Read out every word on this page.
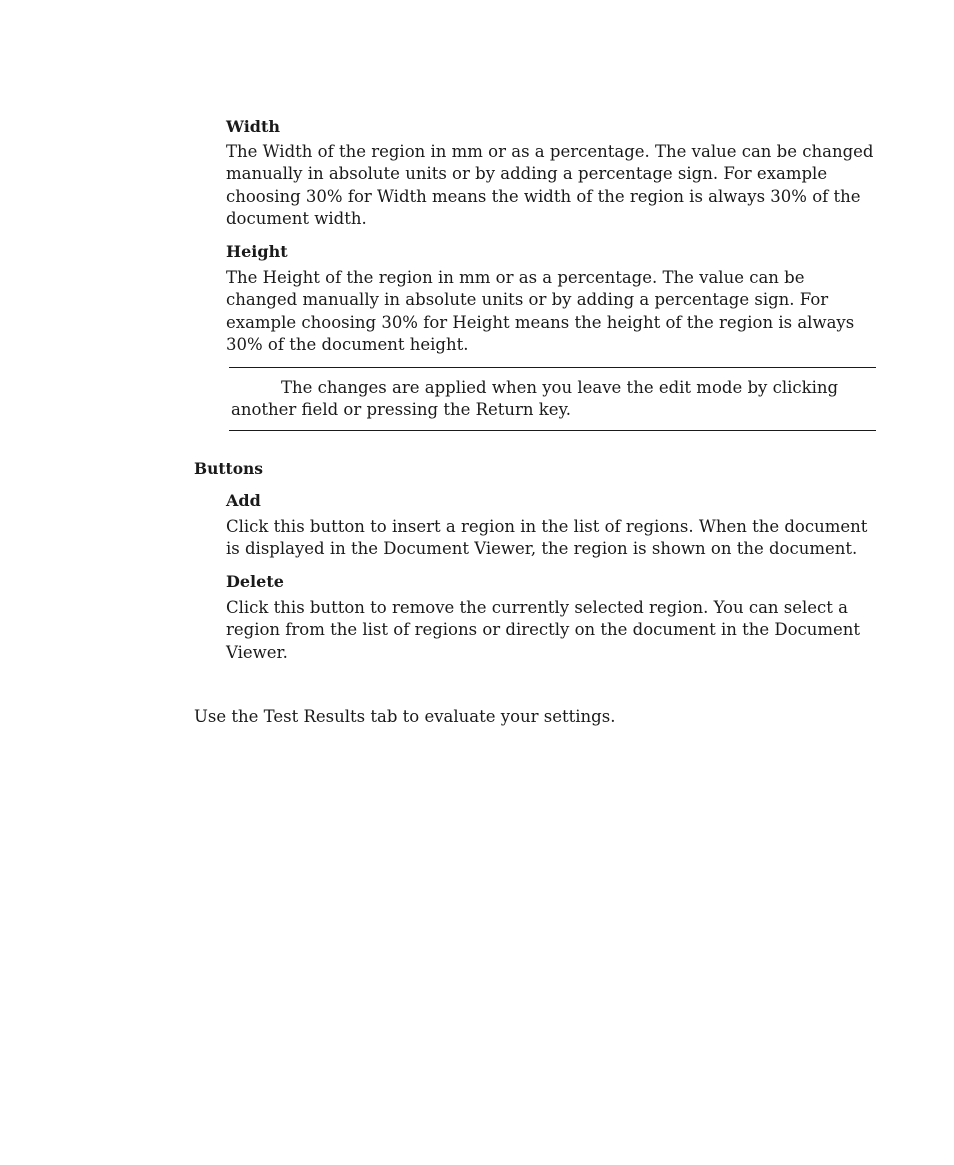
Width

The Width of the region in mm or as a percentage. The value can be changed manually in absolute units or by adding a percentage sign. For example choosing 30% for Width means the width of the region is always 30% of the document width.

Height

The Height of the region in mm or as a percentage. The value can be changed manually in absolute units or by adding a percentage sign. For example choosing 30% for Height means the height of the region is always 30% of the document height.

The changes are applied when you leave the edit mode by clicking another field or pressing the Return key.

Buttons

Add

Click this button to insert a region in the list of regions. When the document is displayed in the Document Viewer, the region is shown on the document.

Delete

Click this button to remove the currently selected region. You can select a region from the list of regions or directly on the document in the Document Viewer.

Use the Test Results tab to evaluate your settings.
